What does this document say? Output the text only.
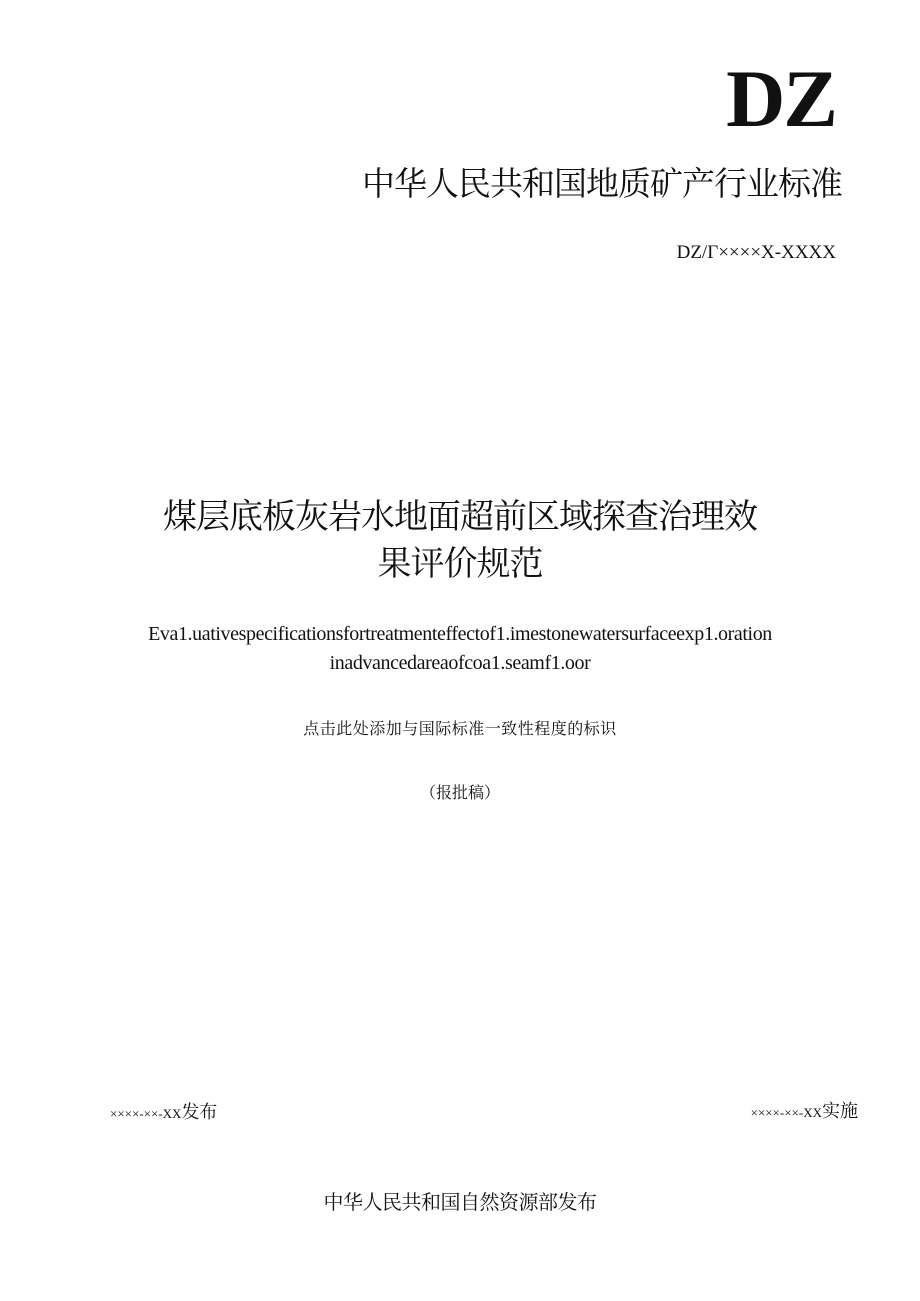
DZ
中华人民共和国地质矿产行业标准
DZ/Γ××××X-XXXX
煤层底板灰岩水地面超前区域探查治理效
果评价规范
Eva1.uativespecificationsfortreatmenteffectof1.imestonewatersurfaceexp1.oration
inadvancedareaofcoa1.seamf1.oor
点击此处添加与国际标准一致性程度的标识
（报批稿）
××××-××-XX发布	××××-××-XX实施
中华人民共和国自然资源部发布
